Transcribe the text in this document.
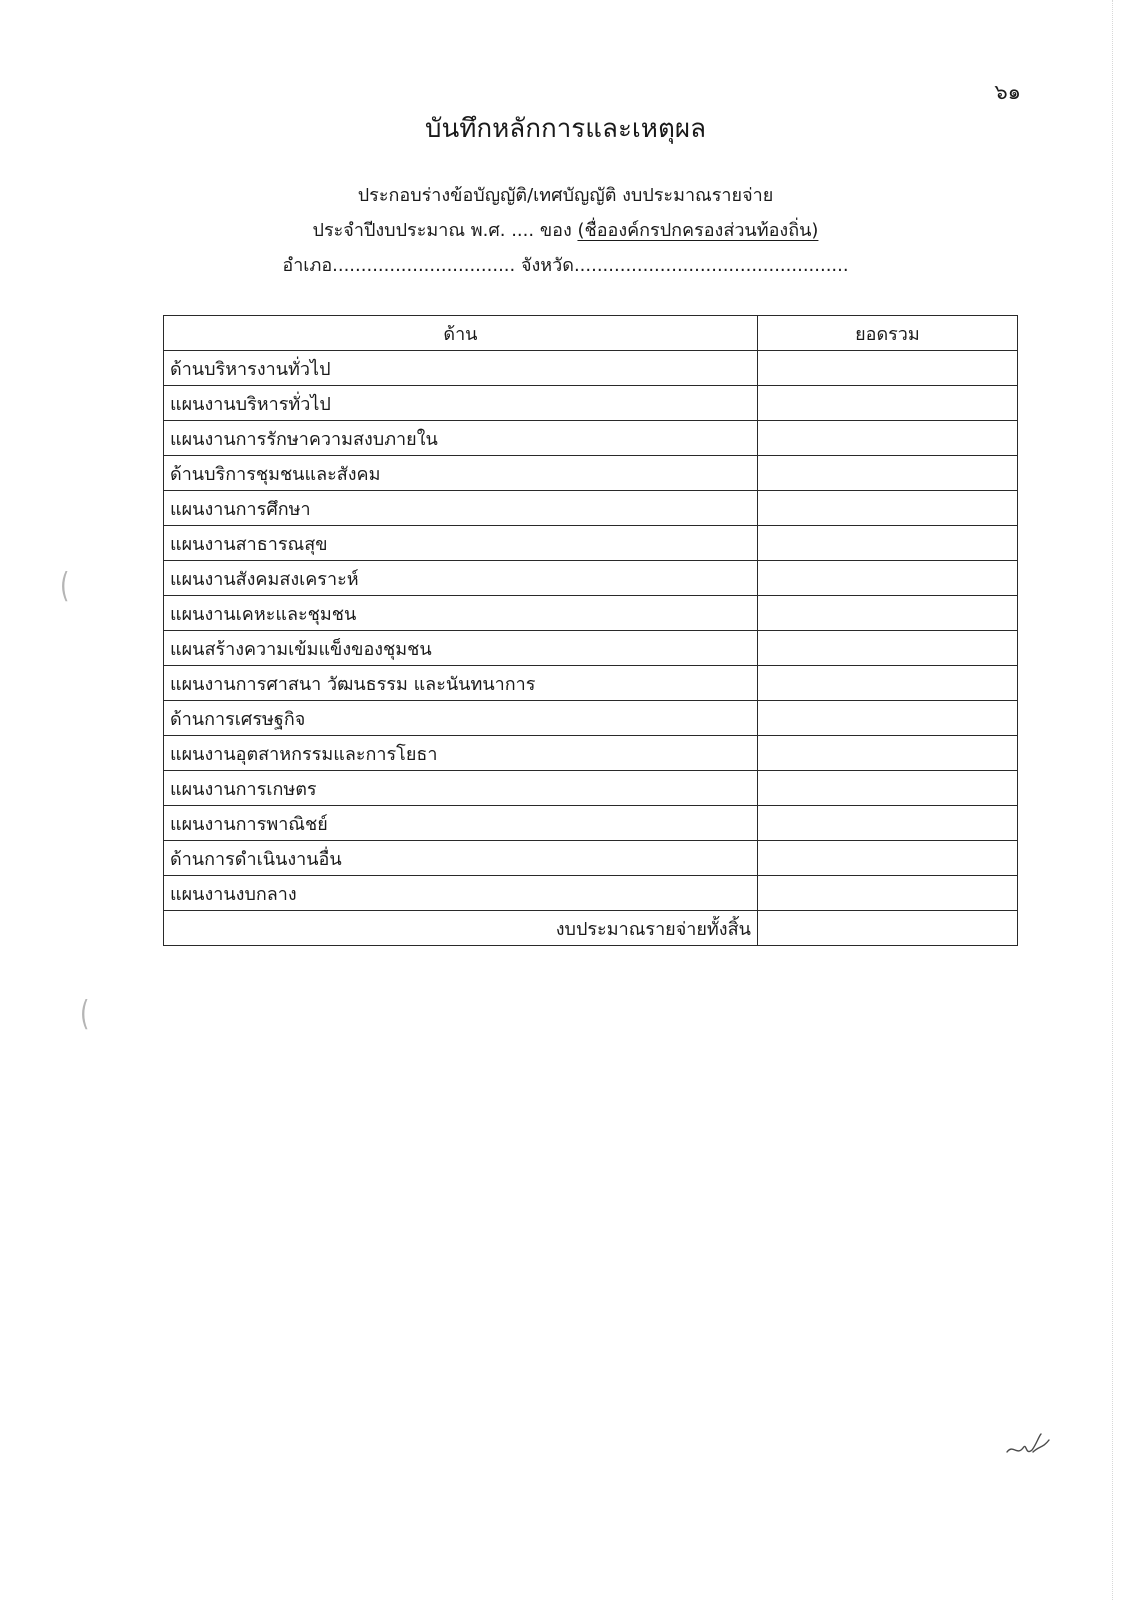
๖๑
บันทึกหลักการและเหตุผล
ประกอบร่างข้อบัญญัติ/เทศบัญญัติ งบประมาณรายจ่าย
ประจำปีงบประมาณ พ.ศ. .... ของ (ชื่อองค์กรปกครองส่วนท้องถิ่น)
อำเภอ................................ จังหวัด................................................
ด้าน	ยอดรวม
ด้านบริหารงานทั่วไป	
แผนงานบริหารทั่วไป	
แผนงานการรักษาความสงบภายใน	
ด้านบริการชุมชนและสังคม	
แผนงานการศึกษา	
แผนงานสาธารณสุข	
แผนงานสังคมสงเคราะห์	
แผนงานเคหะและชุมชน	
แผนสร้างความเข้มแข็งของชุมชน	
แผนงานการศาสนา วัฒนธรรม และนันทนาการ	
ด้านการเศรษฐกิจ	
แผนงานอุตสาหกรรมและการโยธา	
แผนงานการเกษตร	
แผนงานการพาณิชย์	
ด้านการดำเนินงานอื่น	
แผนงานงบกลาง	
งบประมาณรายจ่ายทั้งสิ้น	
(
(
